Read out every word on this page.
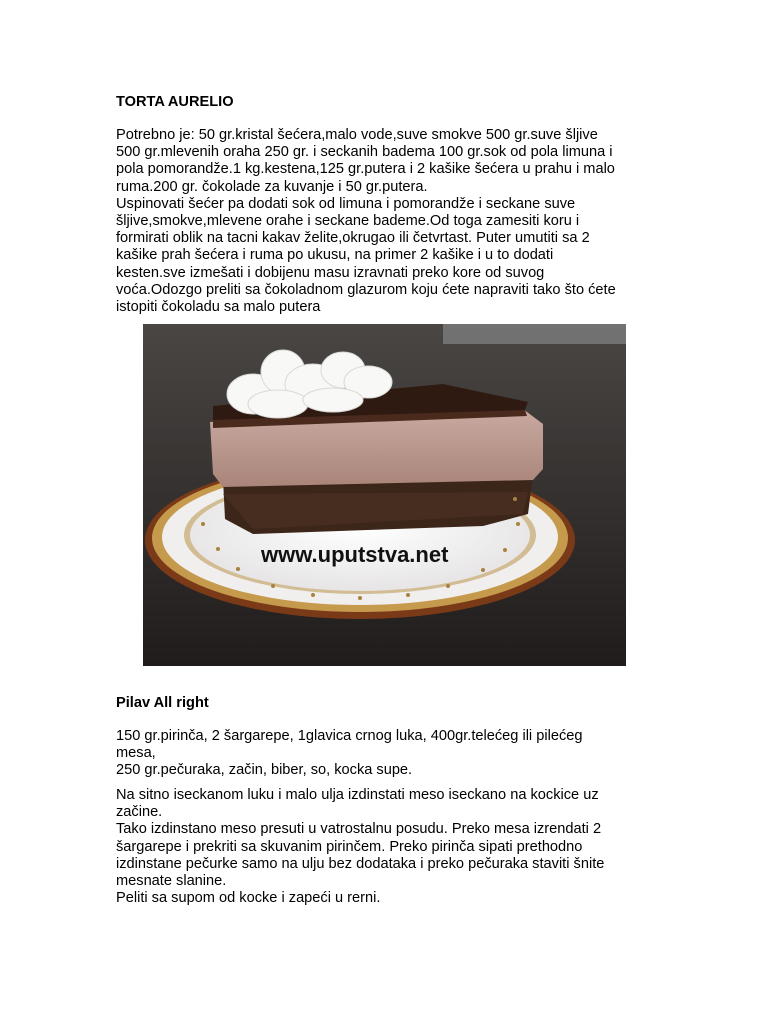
TORTA AURELIO
Potrebno je: 50 gr.kristal šećera,malo vode,suve smokve 500 gr.suve šljive
500 gr.mlevenih oraha 250 gr. i seckanih badema 100 gr.sok od pola limuna i
pola pomorandže.1 kg.kestena,125 gr.putera i 2 kašike šećera u prahu i malo
ruma.200 gr. čokolade za kuvanje i 50 gr.putera.
Uspinovati šećer pa dodati sok od limuna i pomorandže i seckane suve
šljive,smokve,mlevene orahe i seckane bademe.Od toga zamesiti koru i
formirati oblik na tacni kakav želite,okrugao ili četvrtast. Puter umutiti sa 2
kašike prah šećera i ruma po ukusu, na primer 2 kašike i u to dodati
kesten.sve izmešati i dobijenu masu izravnati preko kore od suvog
voća.Odozgo preliti sa čokoladnom glazurom koju ćete napraviti tako što ćete
istopiti čokoladu sa malo putera
www.uputstva.net
Pilav All right
150 gr.pirinča, 2 šargarepe, 1glavica crnog luka, 400gr.telećeg ili pilećeg
mesa,
250 gr.pečuraka, začin, biber, so, kocka supe.
Na sitno iseckanom luku i malo ulja izdinstati meso iseckano na kockice uz
začine.
Tako izdinstano meso presuti u vatrostalnu posudu. Preko mesa izrendati 2
šargarepe i prekriti sa skuvanim pirinčem. Preko pirinča sipati prethodno
izdinstane pečurke samo na ulju bez dodataka i preko pečuraka staviti šnite
mesnate slanine.
Peliti sa supom od kocke i zapeći u rerni.
